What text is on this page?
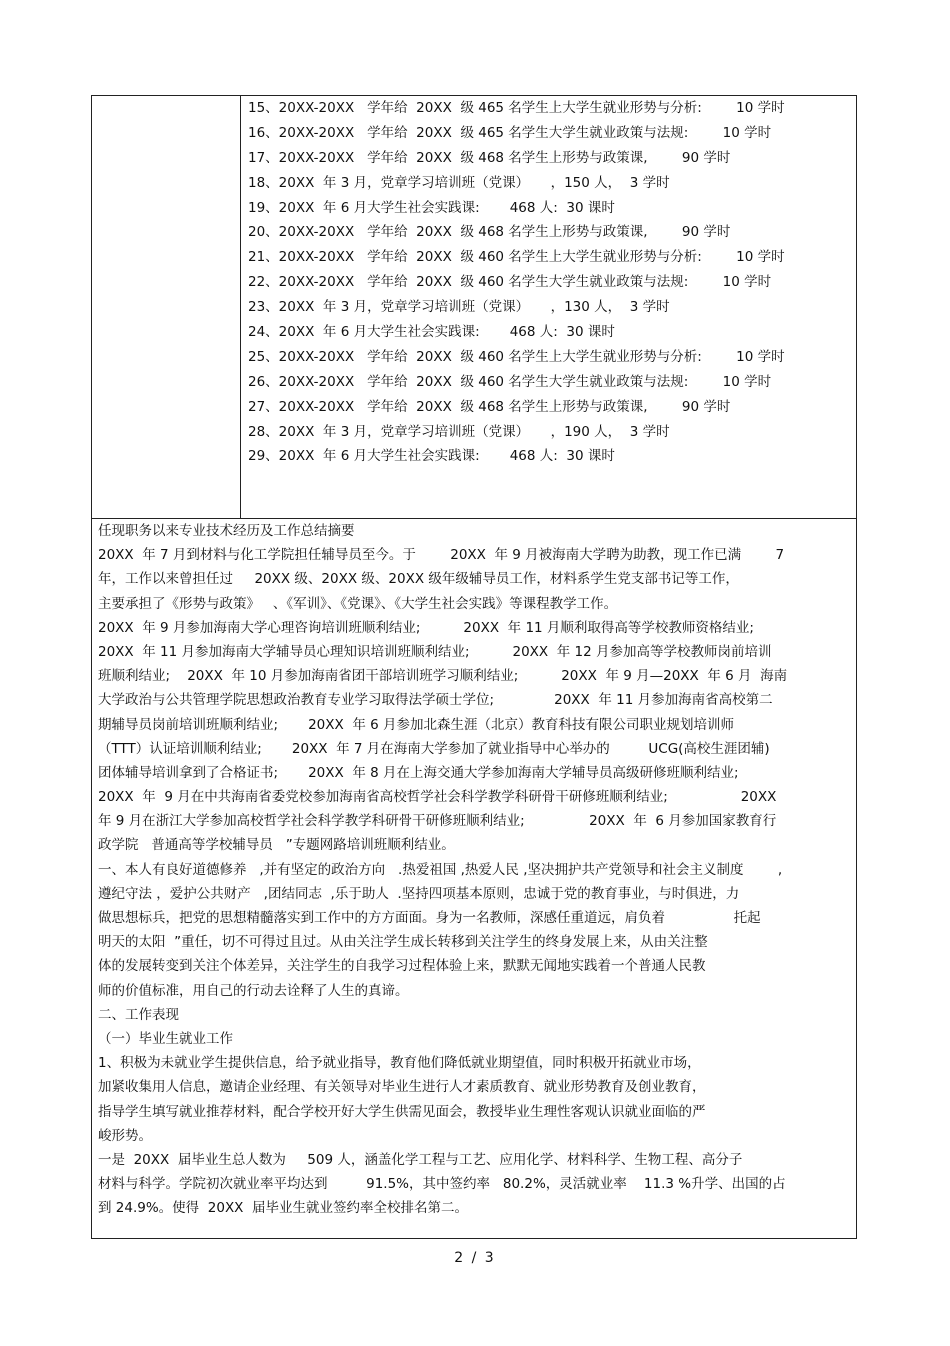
15、20XX-20XX   学年给  20XX  级 465 名学生上大学生就业形势与分析:        10 学时
16、20XX-20XX   学年给  20XX  级 465 名学生大学生就业政策与法规:        10 学时
17、20XX-20XX   学年给  20XX  级 468 名学生上形势与政策课,        90 学时
18、20XX  年 3 月，党章学习培训班（党课）     ，150 人，  3 学时
19、20XX  年 6 月大学生社会实践课:       468 人:  30 课时
20、20XX-20XX   学年给  20XX  级 468 名学生上形势与政策课,        90 学时
21、20XX-20XX   学年给  20XX  级 460 名学生上大学生就业形势与分析:        10 学时
22、20XX-20XX   学年给  20XX  级 460 名学生大学生就业政策与法规:        10 学时
23、20XX  年 3 月，党章学习培训班（党课）     ，130 人，  3 学时
24、20XX  年 6 月大学生社会实践课:       468 人:  30 课时
25、20XX-20XX   学年给  20XX  级 460 名学生上大学生就业形势与分析:        10 学时
26、20XX-20XX   学年给  20XX  级 460 名学生大学生就业政策与法规:        10 学时
27、20XX-20XX   学年给  20XX  级 468 名学生上形势与政策课,        90 学时
28、20XX  年 3 月，党章学习培训班（党课）     ，190 人，  3 学时
29、20XX  年 6 月大学生社会实践课:       468 人:  30 课时
任现职务以来专业技术经历及工作总结摘要
20XX  年 7 月到材料与化工学院担任辅导员至今。于        20XX  年 9 月被海南大学聘为助教，现工作已满        7
年，工作以来曾担任过     20XX 级、20XX 级、20XX 级年级辅导员工作，材料系学生党支部书记等工作，
主要承担了《形势与政策》   、《军训》、《党课》、《大学生社会实践》等课程教学工作。
20XX  年 9 月参加海南大学心理咨询培训班顺利结业;          20XX  年 11 月顺利取得高等学校教师资格结业;
20XX  年 11 月参加海南大学辅导员心理知识培训班顺利结业;          20XX  年 12 月参加高等学校教师岗前培训
班顺利结业;    20XX  年 10 月参加海南省团干部培训班学习顺利结业;          20XX  年 9 月—20XX  年 6 月  海南
大学政治与公共管理学院思想政治教育专业学习取得法学硕士学位;              20XX  年 11 月参加海南省高校第二
期辅导员岗前培训班顺利结业;       20XX  年 6 月参加北森生涯（北京）教育科技有限公司职业规划培训师
（TTT）认证培训顺利结业;       20XX  年 7 月在海南大学参加了就业指导中心举办的         UCG(高校生涯团辅)
团体辅导培训拿到了合格证书;       20XX  年 8 月在上海交通大学参加海南大学辅导员高级研修班顺利结业;
20XX  年  9 月在中共海南省委党校参加海南省高校哲学社会科学教学科研骨干研修班顺利结业;                 20XX
年 9 月在浙江大学参加高校哲学社会科学教学科研骨干研修班顺利结业;               20XX  年  6 月参加国家教育行
政学院   普通高等学校辅导员   ”专题网路培训班顺利结业。
一、本人有良好道德修养   ,并有坚定的政治方向   .热爱祖国 ,热爱人民 ,坚决拥护共产党领导和社会主义制度        ,
遵纪守法 ，爱护公共财产   ,团结同志  ,乐于助人  .坚持四项基本原则，忠诚于党的教育事业，与时俱进，力
做思想标兵，把党的思想精髓落实到工作中的方方面面。身为一名教师，深感任重道远，肩负着                托起
明天的太阳  ”重任，切不可得过且过。从由关注学生成长转移到关注学生的终身发展上来，从由关注整
体的发展转变到关注个体差异，关注学生的自我学习过程体验上来，默默无闻地实践着一个普通人民教
师的价值标准，用自己的行动去诠释了人生的真谛。
二、工作表现
（一）毕业生就业工作
1、积极为未就业学生提供信息，给予就业指导，教育他们降低就业期望值，同时积极开拓就业市场，
加紧收集用人信息，邀请企业经理、有关领导对毕业生进行人才素质教育、就业形势教育及创业教育，
指导学生填写就业推荐材料，配合学校开好大学生供需见面会，教授毕业生理性客观认识就业面临的严
峻形势。
一是  20XX  届毕业生总人数为     509 人，涵盖化学工程与工艺、应用化学、材料科学、生物工程、高分子
材料与科学。学院初次就业率平均达到         91.5%，其中签约率   80.2%，灵活就业率    11.3 %升学、出国的占
到 24.9%。使得  20XX  届毕业生就业签约率全校排名第二。
2 / 3
